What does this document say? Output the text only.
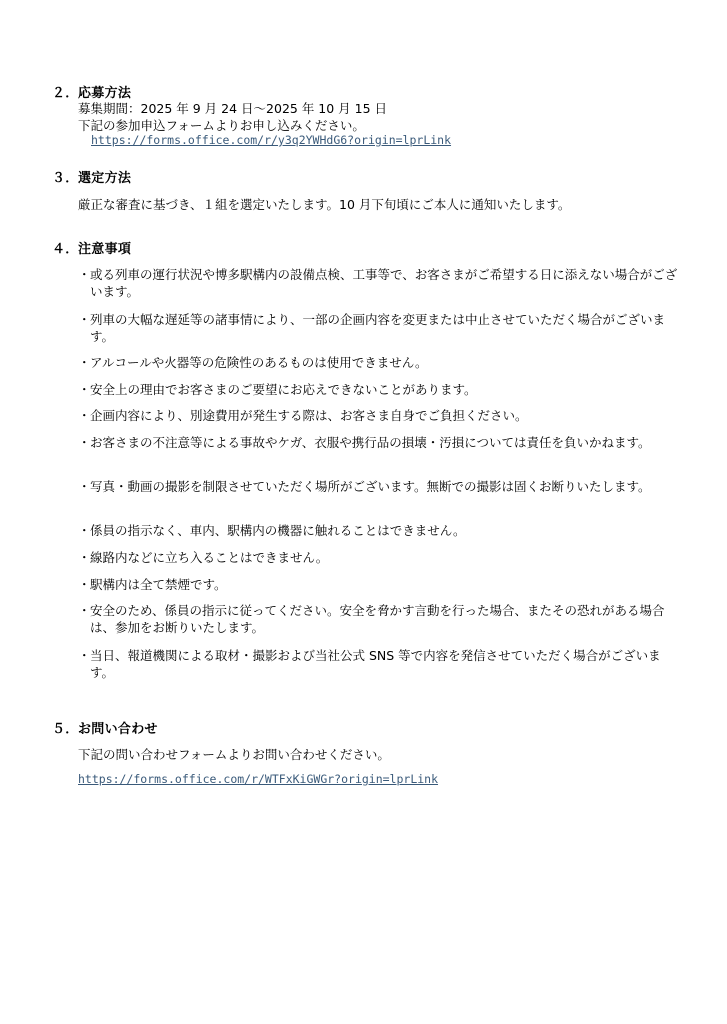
２．応募方法
募集期間：2025 年 9 月 24 日～2025 年 10 月 15 日
下記の参加申込フォームよりお申し込みください。
https://forms.office.com/r/y3q2YWHdG6?origin=lprLink
３．選定方法
厳正な審査に基づき、１組を選定いたします。10 月下旬頃にご本人に通知いたします。
４．注意事項
・ 或る列車の運行状況や博多駅構内の設備点検、工事等で、お客さまがご希望する日に添えない場合がございます。
・ 列車の大幅な遅延等の諸事情により、一部の企画内容を変更または中止させていただく場合がございます。
・ アルコールや火器等の危険性のあるものは使用できません。
・ 安全上の理由でお客さまのご要望にお応えできないことがあります。
・ 企画内容により、別途費用が発生する際は、お客さま自身でご負担ください。
・ お客さまの不注意等による事故やケガ、衣服や携行品の損壊・汚損については責任を負いかねます。
・ 写真・動画の撮影を制限させていただく場所がございます。無断での撮影は固くお断りいたします。
・ 係員の指示なく、車内、駅構内の機器に触れることはできません。
・ 線路内などに立ち入ることはできません。
・ 駅構内は全て禁煙です。
・ 安全のため、係員の指示に従ってください。安全を脅かす言動を行った場合、またその恐れがある場合は、参加をお断りいたします。
・ 当日、報道機関による取材・撮影および当社公式 SNS 等で内容を発信させていただく場合がございます。
５．お問い合わせ
下記の問い合わせフォームよりお問い合わせください。
https://forms.office.com/r/WTFxKiGWGr?origin=lprLink
